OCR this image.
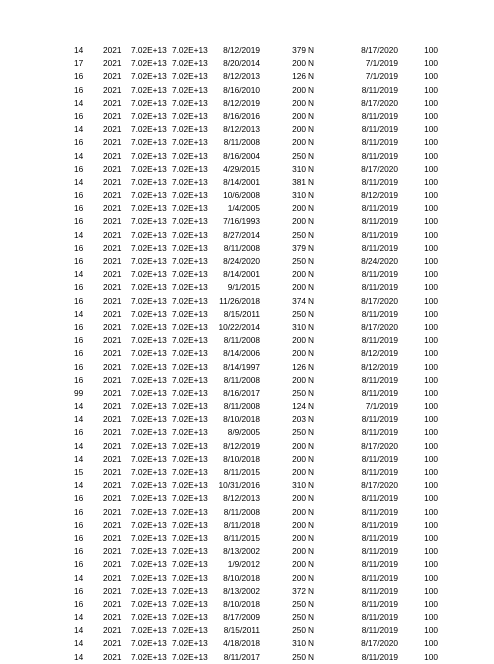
14	2021	7.02E+13 7.02E+13	8/12/2019	379 N	8/17/2020	100
17	2021	7.02E+13 7.02E+13	8/20/2014	200 N	7/1/2019	100
16	2021	7.02E+13 7.02E+13	8/12/2013	126 N	7/1/2019	100
16	2021	7.02E+13 7.02E+13	8/16/2010	200 N	8/11/2019	100
14	2021	7.02E+13 7.02E+13	8/12/2019	200 N	8/17/2020	100
16	2021	7.02E+13 7.02E+13	8/16/2016	200 N	8/11/2019	100
14	2021	7.02E+13 7.02E+13	8/12/2013	200 N	8/11/2019	100
16	2021	7.02E+13 7.02E+13	8/11/2008	200 N	8/11/2019	100
14	2021	7.02E+13 7.02E+13	8/16/2004	250 N	8/11/2019	100
16	2021	7.02E+13 7.02E+13	4/29/2015	310 N	8/17/2020	100
14	2021	7.02E+13 7.02E+13	8/14/2001	381 N	8/11/2019	100
16	2021	7.02E+13 7.02E+13	10/6/2008	310 N	8/12/2019	100
16	2021	7.02E+13 7.02E+13	1/4/2005	200 N	8/11/2019	100
16	2021	7.02E+13 7.02E+13	7/16/1993	200 N	8/11/2019	100
14	2021	7.02E+13 7.02E+13	8/27/2014	250 N	8/11/2019	100
16	2021	7.02E+13 7.02E+13	8/11/2008	379 N	8/11/2019	100
16	2021	7.02E+13 7.02E+13	8/24/2020	250 N	8/24/2020	100
14	2021	7.02E+13 7.02E+13	8/14/2001	200 N	8/11/2019	100
16	2021	7.02E+13 7.02E+13	9/1/2015	200 N	8/11/2019	100
16	2021	7.02E+13 7.02E+13	11/26/2018	374 N	8/17/2020	100
14	2021	7.02E+13 7.02E+13	8/15/2011	250 N	8/11/2019	100
16	2021	7.02E+13 7.02E+13	10/22/2014	310 N	8/17/2020	100
16	2021	7.02E+13 7.02E+13	8/11/2008	200 N	8/11/2019	100
16	2021	7.02E+13 7.02E+13	8/14/2006	200 N	8/12/2019	100
16	2021	7.02E+13 7.02E+13	8/14/1997	126 N	8/12/2019	100
16	2021	7.02E+13 7.02E+13	8/11/2008	200 N	8/11/2019	100
99	2021	7.02E+13 7.02E+13	8/16/2017	250 N	8/11/2019	100
14	2021	7.02E+13 7.02E+13	8/11/2008	124 N	7/1/2019	100
14	2021	7.02E+13 7.02E+13	8/10/2018	203 N	8/11/2019	100
16	2021	7.02E+13 7.02E+13	8/9/2005	250 N	8/11/2019	100
14	2021	7.02E+13 7.02E+13	8/12/2019	200 N	8/17/2020	100
14	2021	7.02E+13 7.02E+13	8/10/2018	200 N	8/11/2019	100
15	2021	7.02E+13 7.02E+13	8/11/2015	200 N	8/11/2019	100
14	2021	7.02E+13 7.02E+13	10/31/2016	310 N	8/17/2020	100
16	2021	7.02E+13 7.02E+13	8/12/2013	200 N	8/11/2019	100
16	2021	7.02E+13 7.02E+13	8/11/2008	200 N	8/11/2019	100
16	2021	7.02E+13 7.02E+13	8/11/2018	200 N	8/11/2019	100
16	2021	7.02E+13 7.02E+13	8/11/2015	200 N	8/11/2019	100
16	2021	7.02E+13 7.02E+13	8/13/2002	200 N	8/11/2019	100
16	2021	7.02E+13 7.02E+13	1/9/2012	200 N	8/11/2019	100
14	2021	7.02E+13 7.02E+13	8/10/2018	200 N	8/11/2019	100
16	2021	7.02E+13 7.02E+13	8/13/2002	372 N	8/11/2019	100
16	2021	7.02E+13 7.02E+13	8/10/2018	250 N	8/11/2019	100
14	2021	7.02E+13 7.02E+13	8/17/2009	250 N	8/11/2019	100
14	2021	7.02E+13 7.02E+13	8/15/2011	250 N	8/11/2019	100
14	2021	7.02E+13 7.02E+13	4/18/2018	310 N	8/17/2020	100
14	2021	7.02E+13 7.02E+13	8/11/2017	250 N	8/11/2019	100
